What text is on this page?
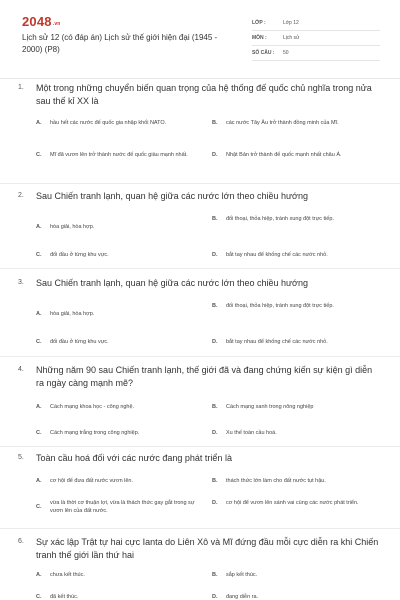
2048.vn
Lịch sử 12 (có đáp án) Lịch sử thế giới hiện đại (1945 - 2000) (P8)
LỚP :	Lớp 12
MÔN :	Lịch sử
SỐ CÂU :	50
1.	Một trong những chuyển biến quan trọng của hệ thống đế quốc chủ nghĩa trong nửa sau thế kỉ XX là
A.	hầu hết các nước đế quốc gia nhập khối NATO.	B.	các nước Tây Âu trở thành đồng minh của Mĩ.
C.	Mĩ đã vươn lên trở thành nước đế quốc giàu mạnh nhất.	D.	Nhật Bản trở thành đế quốc mạnh nhất châu Á.
2.	Sau Chiến tranh lạnh, quan hệ giữa các nước lớn theo chiều hướng
A.	hòa giải, hòa hợp.
B.	đối thoại, thỏa hiệp, tránh xung đột trực tiếp.
C.	đối đầu ở từng khu vực.	D.	bắt tay nhau để khống chế các nước nhỏ.
3.	Sau Chiến tranh lạnh, quan hệ giữa các nước lớn theo chiều hướng
A.	hòa giải, hòa hợp.
B.	đối thoại, thỏa hiệp, tránh xung đột trực tiếp.
C.	đối đầu ở từng khu vực.	D.	bắt tay nhau để khống chế các nước nhỏ.
4.	Những năm 90 sau Chiến tranh lạnh, thế giới đã và đang chứng kiến sự kiện gì diễn ra ngày càng mạnh mẽ?
A.	Cách mạng khoa học - công nghệ.	B.	Cách mạng xanh trong nông nghiệp
C.	Cách mạng trắng trong công nghiệp.	D.	Xu thế toàn cầu hoá.
5.	Toàn cầu hoá đối với các nước đang phát triển là
A.	cơ hội để đưa đất nước vươn lên.	B.	thách thức lớn làm cho đất nước tụt hậu.
C.
vừa là thời cơ thuận lợi, vừa là thách thức gay gắt trong sự vươn lên của đất nước.
D.	cơ hội để vươn lên sánh vai cùng các nước phát triển.
6.	Sự xác lập Trật tự hai cực Ianta do Liên Xô và Mĩ đứng đầu mỗi cực diễn ra khi Chiến tranh thế giới lần thứ hai
A.	chưa kết thúc.	B.	sắp kết thúc.
C.	đã kết thúc.	D.	đang diễn ra.
